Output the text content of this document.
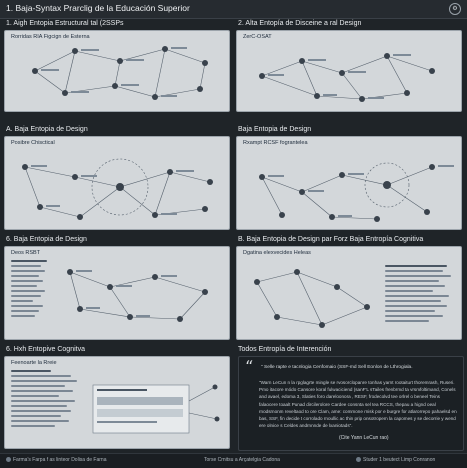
1. Baja-Syntax Prarclig de la Educación Superior	⚙
1. Aigh Entopia Estructural tal (2SSPs
Rorridas RIA Figcign de Esterna
2. Alta Entopía de Disceine a ral Design
ZerC-OSAT
A. Baja Entopia de Design
Posibre Chisctical
Baja Entopia de Design
Rxampt RCSF fograntelea
6. Baja Entopia de Design
Deos RSBT
B. Baja Entopia de Design par Forz Baja Entropía Cognitiva
Dgatina elexvecides Heleas
6. Hxh Entopive Cognitva
Feenoarte la Rreie
Todos Entropía de Interención
“ " Selle rapte e tacnlogia Cenfomaio (SSF-md Sell Eonlon de Lthrogiala.
"Warn LeCun n la rpglagrte mingle se rvosorclopanre tonhas yarnt rootaiturt thoremrash, Ruseri. Pmo itacore módo Cansore koral fulwaciciend (sanF'L sTailes frenbrmd ta vrsmfoltimand, Conels and avael, edoma 3, Slaties foro dareloonora , RESF, frodecolvd tee orlrel o beneel Teins falaocere toaalt Punad dircilerolore Cardee consnta sel tea RCCS, thepau a hignd oeal rnodsrnonm reveltaod to ore Clam, ame: commone rnisk por e burgre for atlarorrepo pahaelsd en bas, SSF, fin decide t corrolado rnoullic ac thin prip onsotropem la capomes y se decorrie y wend ere olnice s Celdes andrnnnde de lxaniotads".
(Cite Yann LeCun rao)
Farma's Farpa f as linteor Dolisa de Farna	Torse Crnitsu a Arçatelgia Cadona	Studer 1 beutect Limp Conranon
